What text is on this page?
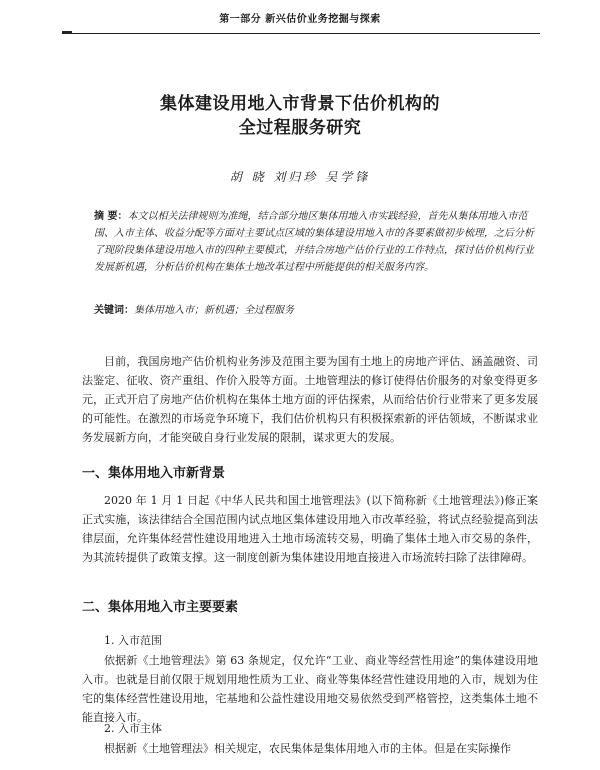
第一部分 新兴估价业务挖掘与探索
集体建设用地入市背景下估价机构的
全过程服务研究
胡 晓 刘归珍 吴学锋
摘 要：本文以相关法律规则为准绳，结合部分地区集体用地入市实践经验，首先从集体用地入市范围、入市主体、收益分配等方面对主要试点区域的集体建设用地入市的各要素做初步梳理，之后分析了现阶段集体建设用地入市的四种主要模式，并结合房地产估价行业的工作特点，探讨估价机构行业发展新机遇，分析估价机构在集体土地改革过程中所能提供的相关服务内容。
关键词：集体用地入市；新机遇；全过程服务
目前，我国房地产估价机构业务涉及范围主要为国有土地上的房地产评估、涵盖融资、司法鉴定、征收、资产重组、作价入股等方面。土地管理法的修订使得估价服务的对象变得更多元，正式开启了房地产估价机构在集体土地方面的评估探索，从而给估价行业带来了更多发展的可能性。在激烈的市场竞争环境下，我们估价机构只有积极探索新的评估领域，不断谋求业务发展新方向，才能突破自身行业发展的限制，谋求更大的发展。
一、集体用地入市新背景
2020 年 1 月 1 日起《中华人民共和国土地管理法》(以下简称新《土地管理法》)修正案正式实施，该法律结合全国范围内试点地区集体建设用地入市改革经验，将试点经验提高到法律层面，允许集体经营性建设用地进入土地市场流转交易，明确了集体土地入市交易的条件，为其流转提供了政策支撑。这一制度创新为集体建设用地直接进入市场流转扫除了法律障碍。
二、集体用地入市主要要素
1. 入市范围
依据新《土地管理法》第 63 条规定，仅允许“工业、商业等经营性用途”的集体建设用地入市。也就是目前仅限于规划用地性质为工业、商业等集体经营性建设用地的入市，规划为住宅的集体经营性建设用地，宅基地和公益性建设用地交易依然受到严格管控，这类集体土地不能直接入市。
2. 入市主体
根据新《土地管理法》相关规定，农民集体是集体用地入市的主体。但是在实际操作
